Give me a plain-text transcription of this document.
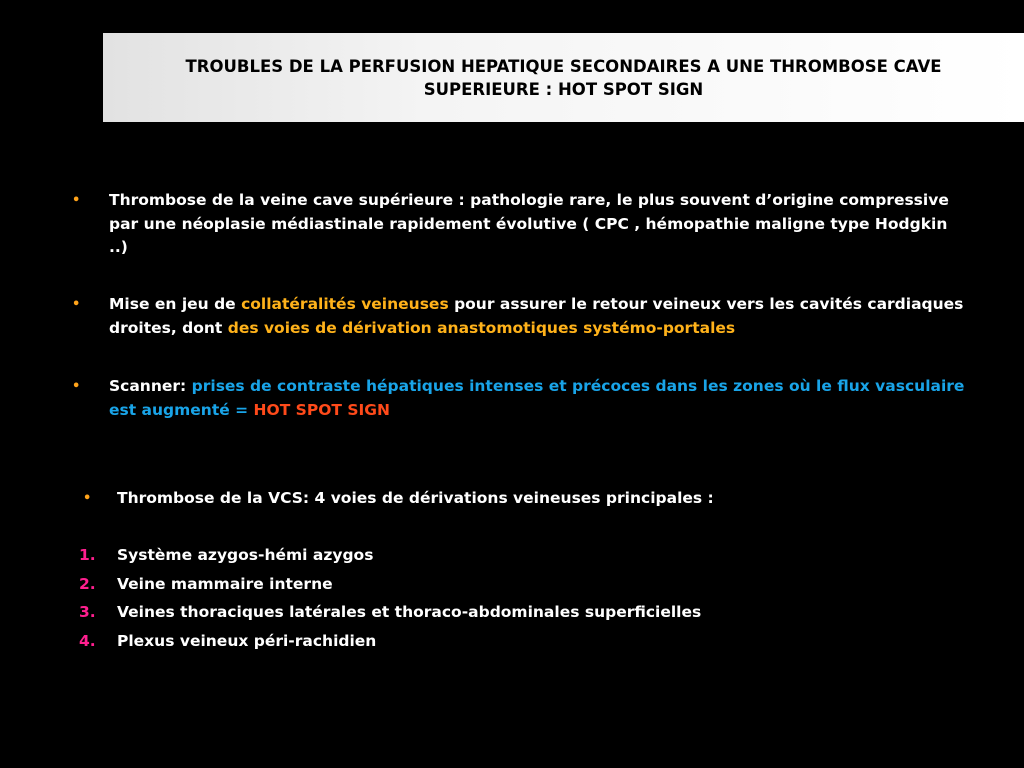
TROUBLES DE LA PERFUSION HEPATIQUE SECONDAIRES A UNE THROMBOSE CAVE
SUPERIEURE : HOT SPOT SIGN
• Thrombose de la veine cave supérieure : pathologie rare, le plus souvent d’origine compressive par une néoplasie médiastinale rapidement évolutive ( CPC , hémopathie maligne type Hodgkin ..)
• Mise en jeu de collatéralités veineuses pour assurer le retour veineux vers les cavités cardiaques droites, dont des voies de dérivation anastomotiques systémo-portales
• Scanner: prises de contraste hépatiques intenses et précoces dans les zones où le flux vasculaire est augmenté = HOT SPOT SIGN
• Thrombose de la VCS: 4 voies de dérivations veineuses principales :
1. Système azygos-hémi azygos
2. Veine mammaire interne
3. Veines thoraciques latérales et thoraco-abdominales superficielles
4. Plexus veineux péri-rachidien
